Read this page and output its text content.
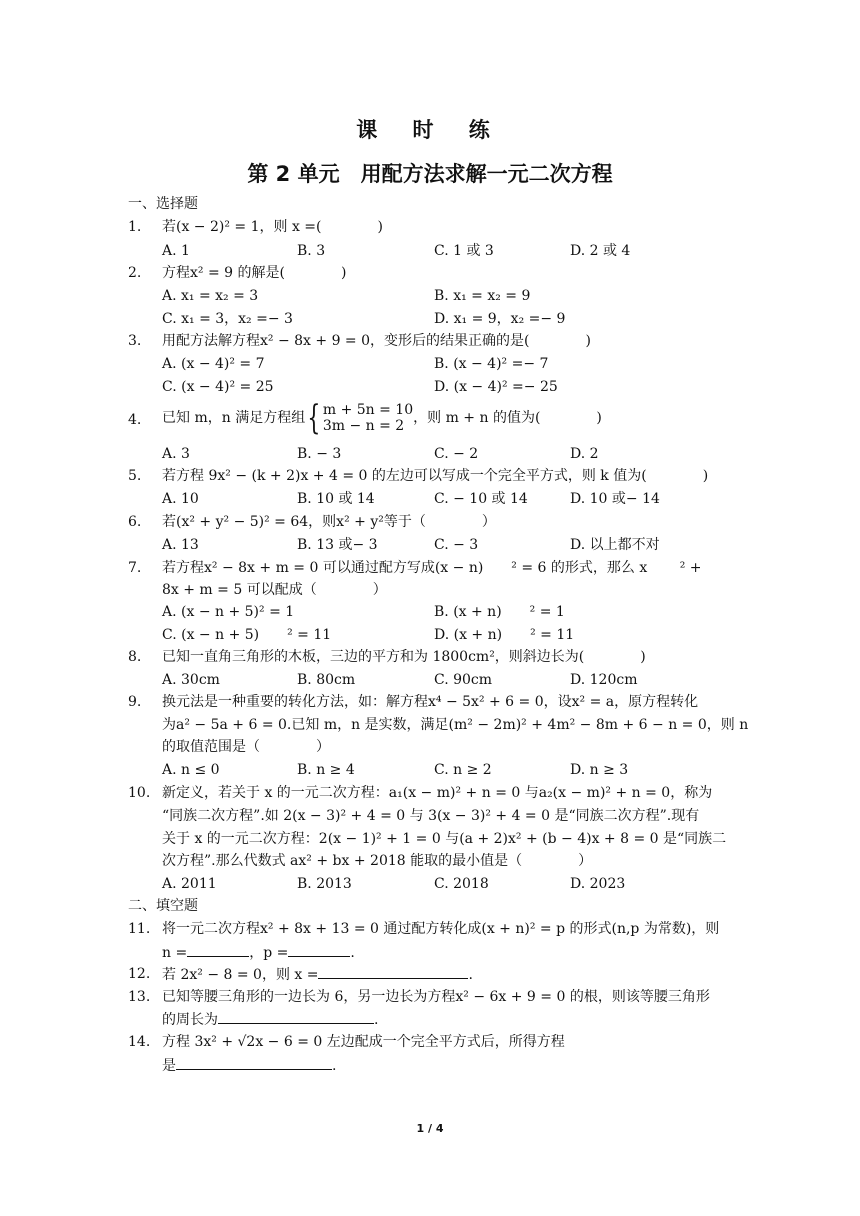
课 时 练
第 2 单元　用配方法求解一元二次方程
一、选择题
1. 若(x − 2)² = 1，则 x =(　　　　)
A. 1	B. 3	C. 1 或 3	D. 2 或 4
2. 方程x² = 9 的解是(　　　　)
A. x₁ = x₂ = 3	B. x₁ = x₂ = 9
C. x₁ = 3，x₂ =− 3	D. x₁ = 9，x₂ =− 9
3. 用配方法解方程x² − 8x + 9 = 0，变形后的结果正确的是(　　　　)
A. (x − 4)² = 7	B. (x − 4)² =− 7
C. (x − 4)² = 25	D. (x − 4)² =− 25
4. 已知 m，n 满足方程组{ m + 5n = 10
3m − n = 2 ，则 m + n 的值为(　　　　)
A. 3	B. − 3	C. − 2	D. 2
5. 若方程 9x² − (k + 2)x + 4 = 0 的左边可以写成一个完全平方式，则 k 值为(　　　　)
A. 10	B. 10 或 14	C. − 10 或 14	D. 10 或− 14
6. 若(x² + y² − 5)² = 64，则x² + y²等于（　　　　）
A. 13	B. 13 或− 3	C. − 3	D. 以上都不对
7. 若方程x² − 8x + m = 0 可以通过配方写成(x − n)　　² = 6 的形式，那么 x　　 ² +
8x + m = 5 可以配成（　　　　）
A. (x − n + 5)² = 1	B. (x + n)　　² = 1
C. (x − n + 5)　　² = 11	D. (x + n)　　² = 11
8. 已知一直角三角形的木板，三边的平方和为 1800cm²，则斜边长为(　　　　)
A. 30cm	B. 80cm	C. 90cm	D. 120cm
9. 换元法是一种重要的转化方法，如：解方程x⁴ − 5x² + 6 = 0，设x² = a，原方程转化
为a² − 5a + 6 = 0.已知 m，n 是实数，满足(m² − 2m)² + 4m² − 8m + 6 − n = 0，则 n
的取值范围是（　　　　）
A. n ≤ 0	B. n ≥ 4	C. n ≥ 2	D. n ≥ 3
10. 新定义，若关于 x 的一元二次方程：a₁(x − m)² + n = 0 与a₂(x − m)² + n = 0，称为
“同族二次方程”.如 2(x − 3)² + 4 = 0 与 3(x − 3)² + 4 = 0 是“同族二次方程”.现有
关于 x 的一元二次方程：2(x − 1)² + 1 = 0 与(a + 2)x² + (b − 4)x + 8 = 0 是“同族二
次方程”.那么代数式 ax² + bx + 2018 能取的最小值是（　　　　）
A. 2011	B. 2013	C. 2018	D. 2023
二、填空题
11. 将一元二次方程x² + 8x + 13 = 0 通过配方转化成(x + n)² = p 的形式(n,p 为常数)，则
n =	，p =	.
12. 若 2x² − 8 = 0，则 x =	.
13. 已知等腰三角形的一边长为 6，另一边长为方程x² − 6x + 9 = 0 的根，则该等腰三角形
的周长为	.
14. 方程 3x² + √2x − 6 = 0 左边配成一个完全平方式后，所得方程
是	.
1 / 4
